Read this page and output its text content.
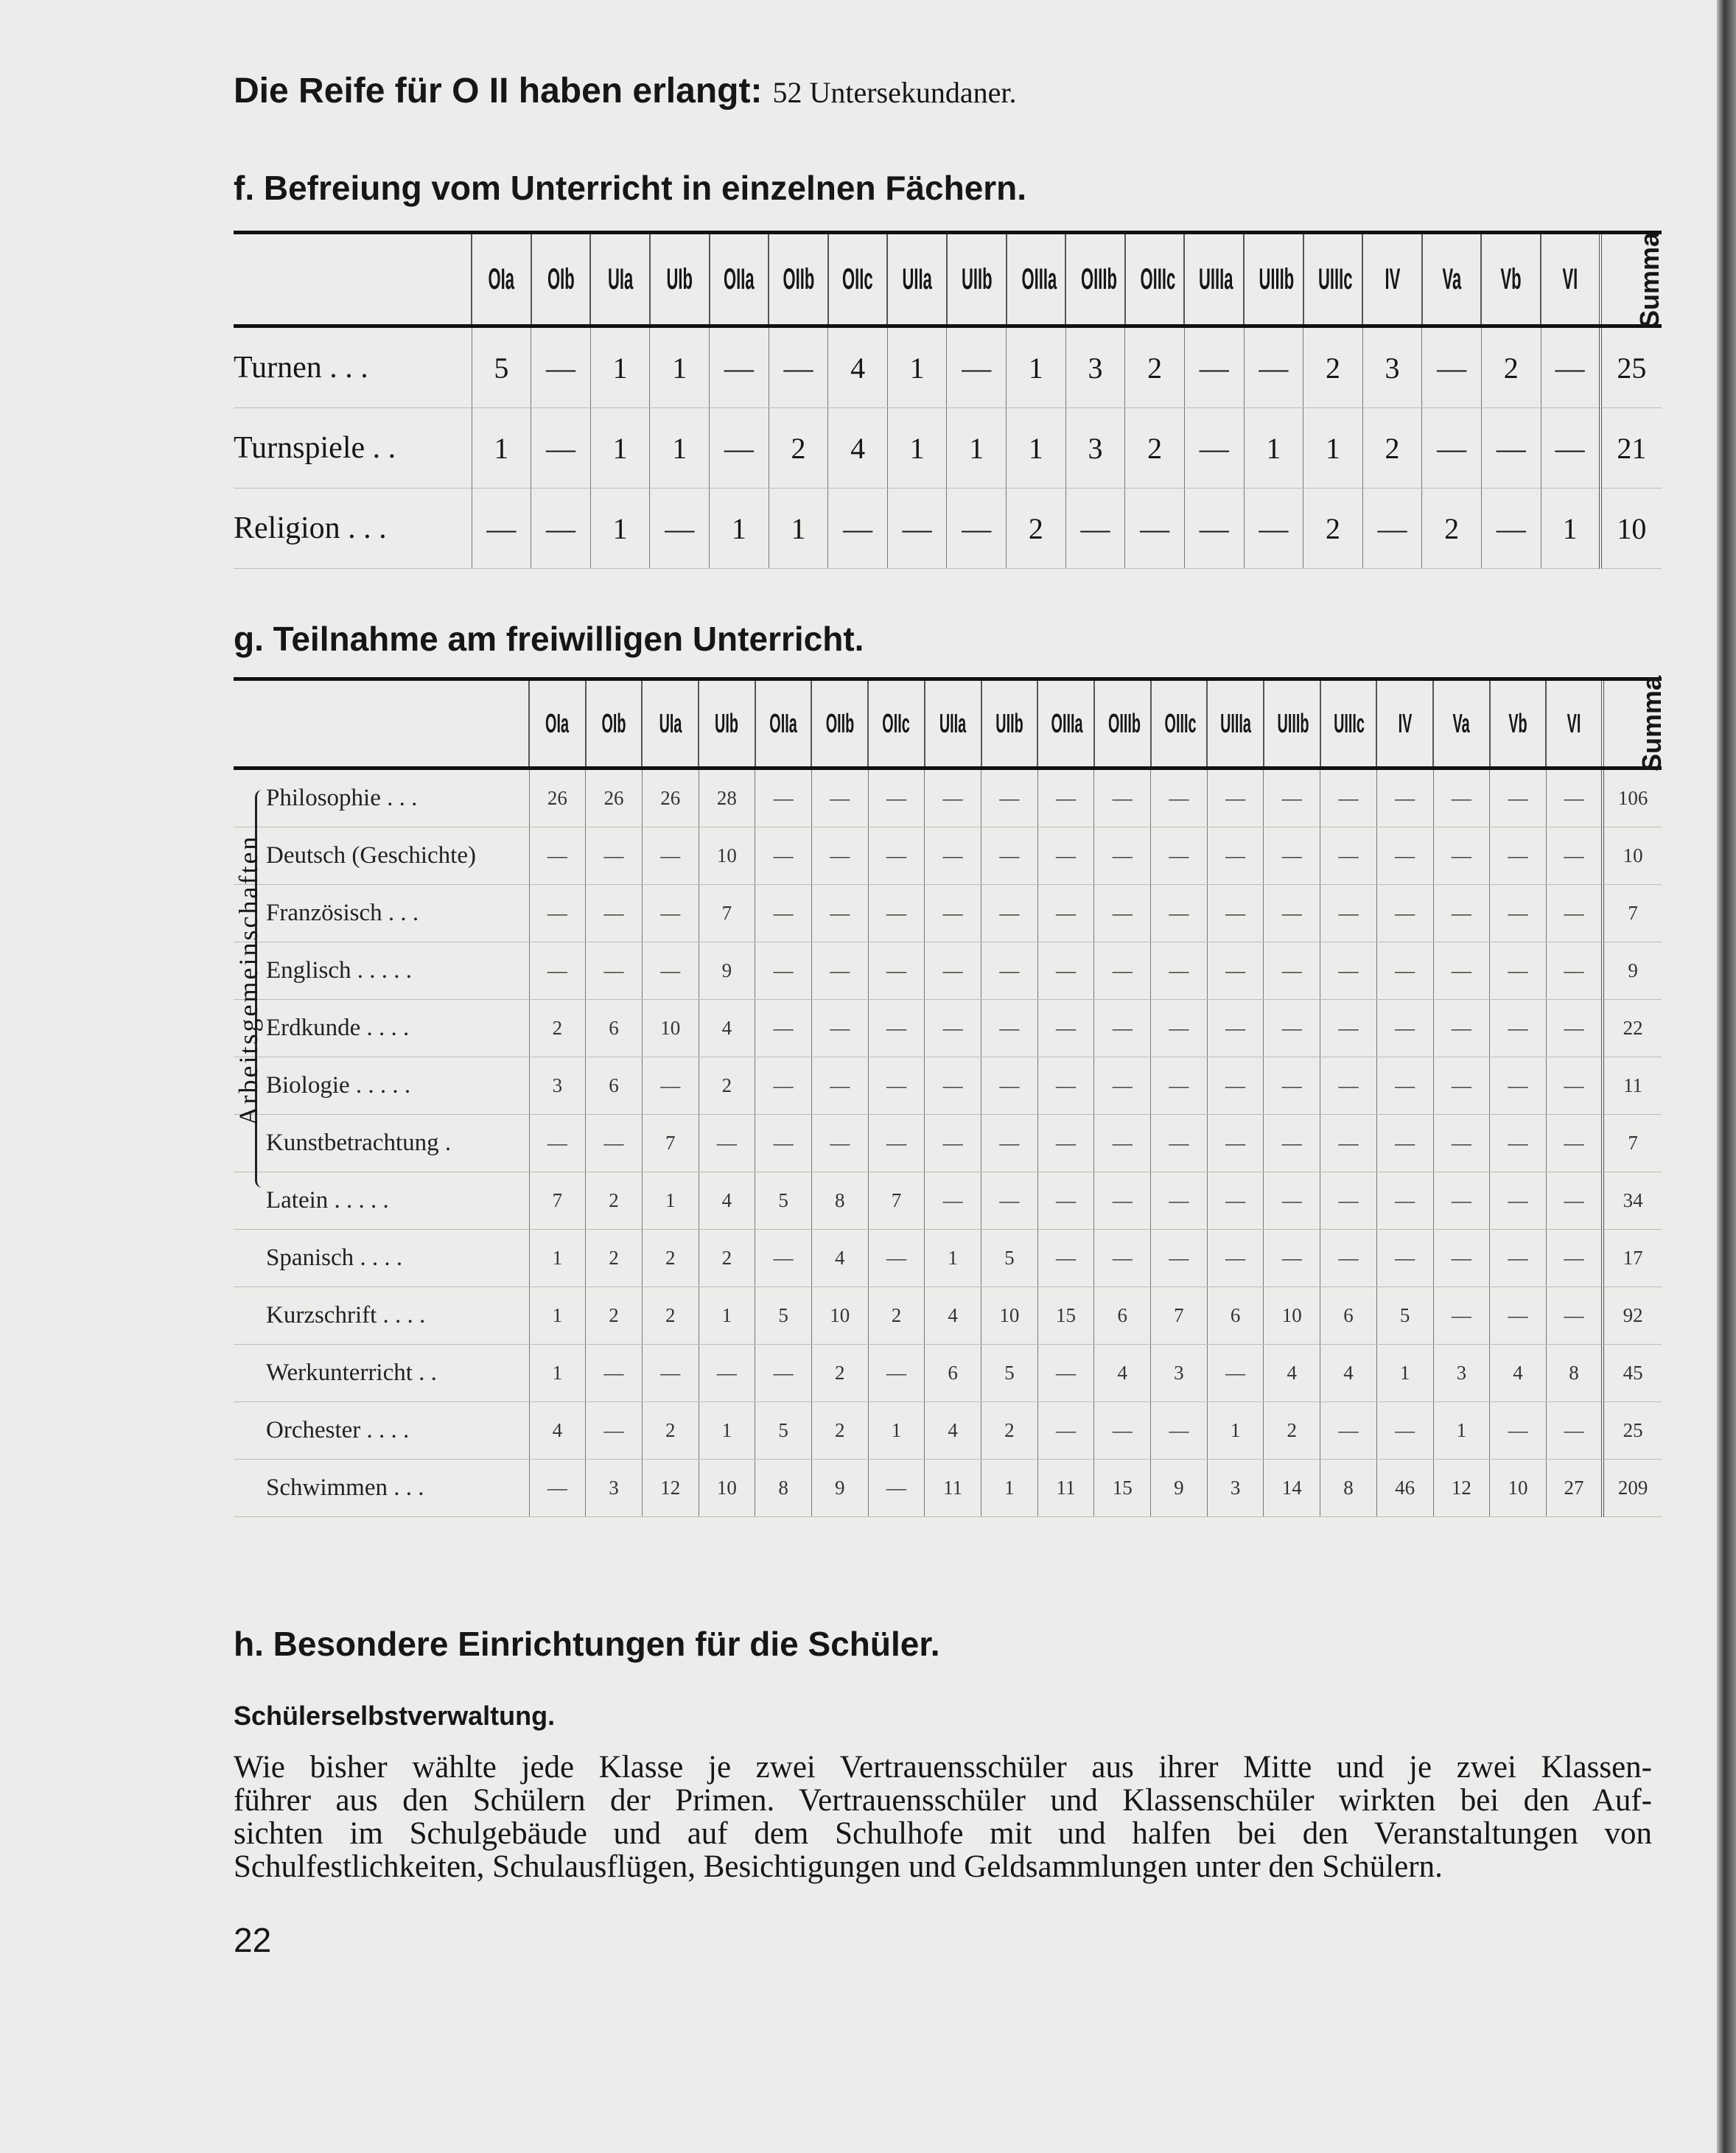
Die Reife für O II haben erlangt: 52 Untersekundaner.
f. Befreiung vom Unterricht in einzelnen Fächern.
	OIa	OIb	UIa	UIb	OIIa	OIIb	OIIc	UIIa	UIIb	OIIIa	OIIIb	OIIIc	UIIIa	UIIIb	UIIIc	IV	Va	Vb	VI	Summa
Turnen . . .	5	—	1	1	—	—	4	1	—	1	3	2	—	—	2	3	—	2	—	25
Turnspiele . .	1	—	1	1	—	2	4	1	1	1	3	2	—	1	1	2	—	—	—	21
Religion . . .	—	—	1	—	1	1	—	—	—	2	—	—	—	—	2	—	2	—	1	10
g. Teilnahme am freiwilligen Unterricht.
	OIa	OIb	UIa	UIb	OIIa	OIIb	OIIc	UIIa	UIIb	OIIIa	OIIIb	OIIIc	UIIIa	UIIIb	UIIIc	IV	Va	Vb	VI	Summa
Philosophie . . .	26	26	26	28	—	—	—	—	—	—	—	—	—	—	—	—	—	—	—	106
Deutsch (Geschichte)	—	—	—	10	—	—	—	—	—	—	—	—	—	—	—	—	—	—	—	10
Französisch . . .	—	—	—	7	—	—	—	—	—	—	—	—	—	—	—	—	—	—	—	7
Englisch . . . . .	—	—	—	9	—	—	—	—	—	—	—	—	—	—	—	—	—	—	—	9
Erdkunde . . . .	2	6	10	4	—	—	—	—	—	—	—	—	—	—	—	—	—	—	—	22
Biologie . . . . .	3	6	—	2	—	—	—	—	—	—	—	—	—	—	—	—	—	—	—	11
Kunstbetrachtung .	—	—	7	—	—	—	—	—	—	—	—	—	—	—	—	—	—	—	—	7
Latein . . . . .	7	2	1	4	5	8	7	—	—	—	—	—	—	—	—	—	—	—	—	34
Spanisch . . . .	1	2	2	2	—	4	—	1	5	—	—	—	—	—	—	—	—	—	—	17
Kurzschrift . . . .	1	2	2	1	5	10	2	4	10	15	6	7	6	10	6	5	—	—	—	92
Werkunterricht . .	1	—	—	—	—	2	—	6	5	—	4	3	—	4	4	1	3	4	8	45
Orchester . . . .	4	—	2	1	5	2	1	4	2	—	—	—	1	2	—	—	1	—	—	25
Schwimmen . . .	—	3	12	10	8	9	—	11	1	11	15	9	3	14	8	46	12	10	27	209
Arbeitsgemeinschaften
h. Besondere Einrichtungen für die Schüler.
Schülerselbstverwaltung.
Wie bisher wählte jede Klasse je zwei Vertrauensschüler aus ihrer Mitte und je zwei Klassen-
führer aus den Schülern der Primen. Vertrauensschüler und Klassenschüler wirkten bei den Auf-
sichten im Schulgebäude und auf dem Schulhofe mit und halfen bei den Veranstaltungen von
Schulfestlichkeiten, Schulausflügen, Besichtigungen und Geldsammlungen unter den Schülern.
22
